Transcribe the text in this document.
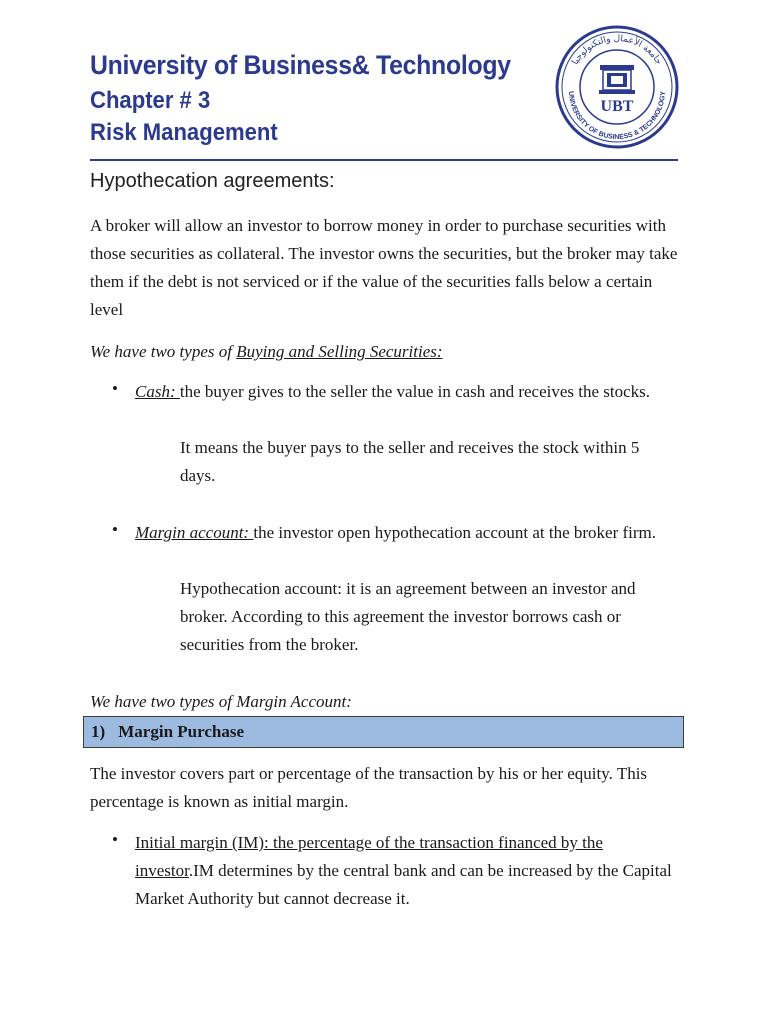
University of Business& Technology
Chapter # 3
Risk Management
جامعة الأعمال والتكنولوجيا
UNIVERSITY OF BUSINESS & TECHNOLOGY
UBT
Hypothecation agreements:

A broker will allow an investor to borrow money in order to purchase securities with those securities as collateral. The investor owns the securities, but the broker may take them if the debt is not serviced or if the value of the securities falls below a certain level

We have two types of Buying and Selling Securities:

• Cash: the buyer gives to the seller the value in cash and receives the stocks.

It means the buyer pays to the seller and receives the stock within 5 days.

• Margin account: the investor open hypothecation account at the broker firm.

Hypothecation account: it is an agreement between an investor and broker. According to this agreement the investor borrows cash or securities from the broker.

We have two types of Margin Account:

1) Margin Purchase

The investor covers part or percentage of the transaction by his or her equity. This percentage is known as initial margin.

• Initial margin (IM): the percentage of the transaction financed by the investor.IM determines by the central bank and can be increased by the Capital Market Authority but cannot decrease it.
